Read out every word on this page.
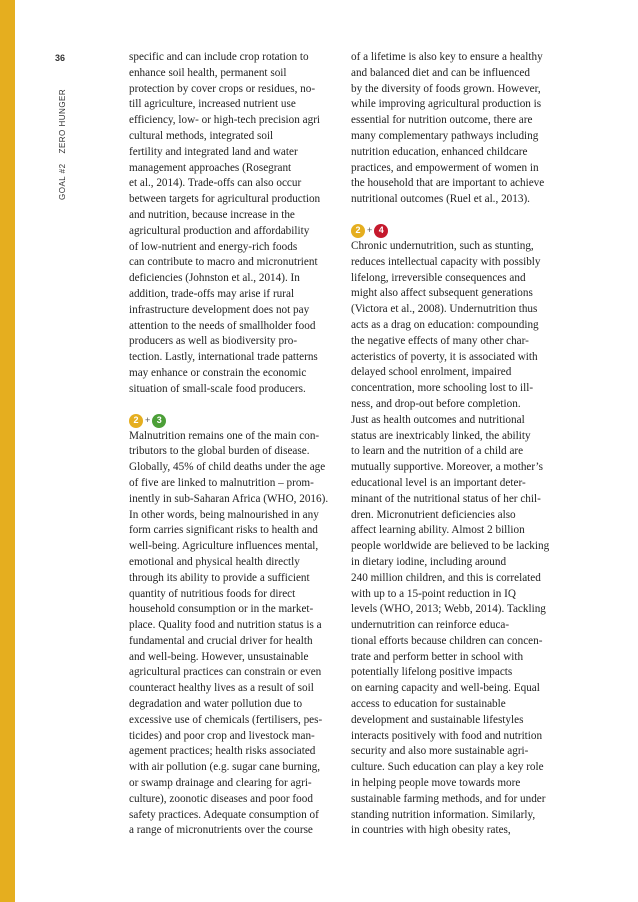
36
GOAL #2ZERO HUNGER

specific and can include crop rotation to

enhance soil health, permanent soil

protection by cover crops or residues, no-

till agriculture, increased nutrient use

efficiency, low- or high-tech precision agri

cultural methods, integrated soil

fertility and integrated land and water

management approaches (Rosegrant

et al., 2014). Trade-offs can also occur

between targets for agricultural production

and nutrition, because increase in the

agricultural production and affordability

of low-nutrient and energy-rich foods

can contribute to macro and micronutrient

deficiencies (Johnston et al., 2014). In

addition, trade-offs may arise if rural

infrastructure development does not pay

attention to the needs of smallholder food

producers as well as biodiversity pro-

tection. Lastly, international trade patterns

may enhance or constrain the economic

situation of small-scale food producers.

2 + 3

Malnutrition remains one of the main con-

tributors to the global burden of disease.

Globally, 45% of child deaths under the age

of five are linked to malnutrition – prom-

inently in sub-Saharan Africa (WHO, 2016).

In other words, being malnourished in any

form carries significant risks to health and

well-being. Agriculture influences mental,

emotional and physical health directly

through its ability to provide a sufficient

quantity of nutritious foods for direct

household consumption or in the market-

place. Quality food and nutrition status is a

fundamental and crucial driver for health

and well-being. However, unsustainable

agricultural practices can constrain or even

counteract healthy lives as a result of soil

degradation and water pollution due to

excessive use of chemicals (fertilisers, pes-

ticides) and poor crop and livestock man-

agement practices; health risks associated

with air pollution (e.g. sugar cane burning,

or swamp drainage and clearing for agri-

culture), zoonotic diseases and poor food

safety practices. Adequate consumption of

a range of micronutrients over the course

of a lifetime is also key to ensure a healthy

and balanced diet and can be influenced

by the diversity of foods grown. However,

while improving agricultural production is

essential for nutrition outcome, there are

many complementary pathways including

nutrition education, enhanced childcare

practices, and empowerment of women in

the household that are important to achieve

nutritional outcomes (Ruel et al., 2013).

2 + 4

Chronic undernutrition, such as stunting,

reduces intellectual capacity with possibly

lifelong, irreversible consequences and

might also affect subsequent generations

(Victora et al., 2008). Undernutrition thus

acts as a drag on education: compounding

the negative effects of many other char-

acteristics of poverty, it is associated with

delayed school enrolment, impaired

concentration, more schooling lost to ill-

ness, and drop-out before completion.

Just as health outcomes and nutritional

status are inextricably linked, the ability

to learn and the nutrition of a child are

mutually supportive. Moreover, a mother’s

educational level is an important deter-

minant of the nutritional status of her chil-

dren. Micronutrient deficiencies also

affect learning ability. Almost 2 billion

people worldwide are believed to be lacking

in dietary iodine, including around

240 million children, and this is correlated

with up to a 15-point reduction in IQ

levels (WHO, 2013; Webb, 2014). Tackling

undernutrition can reinforce educa-

tional efforts because children can concen-

trate and perform better in school with

potentially lifelong positive impacts

on earning capacity and well-being. Equal

access to education for sustainable

development and sustainable lifestyles

interacts positively with food and nutrition

security and also more sustainable agri-

culture. Such education can play a key role

in helping people move towards more

sustainable farming methods, and for under

standing nutrition information. Similarly,

in countries with high obesity rates,
